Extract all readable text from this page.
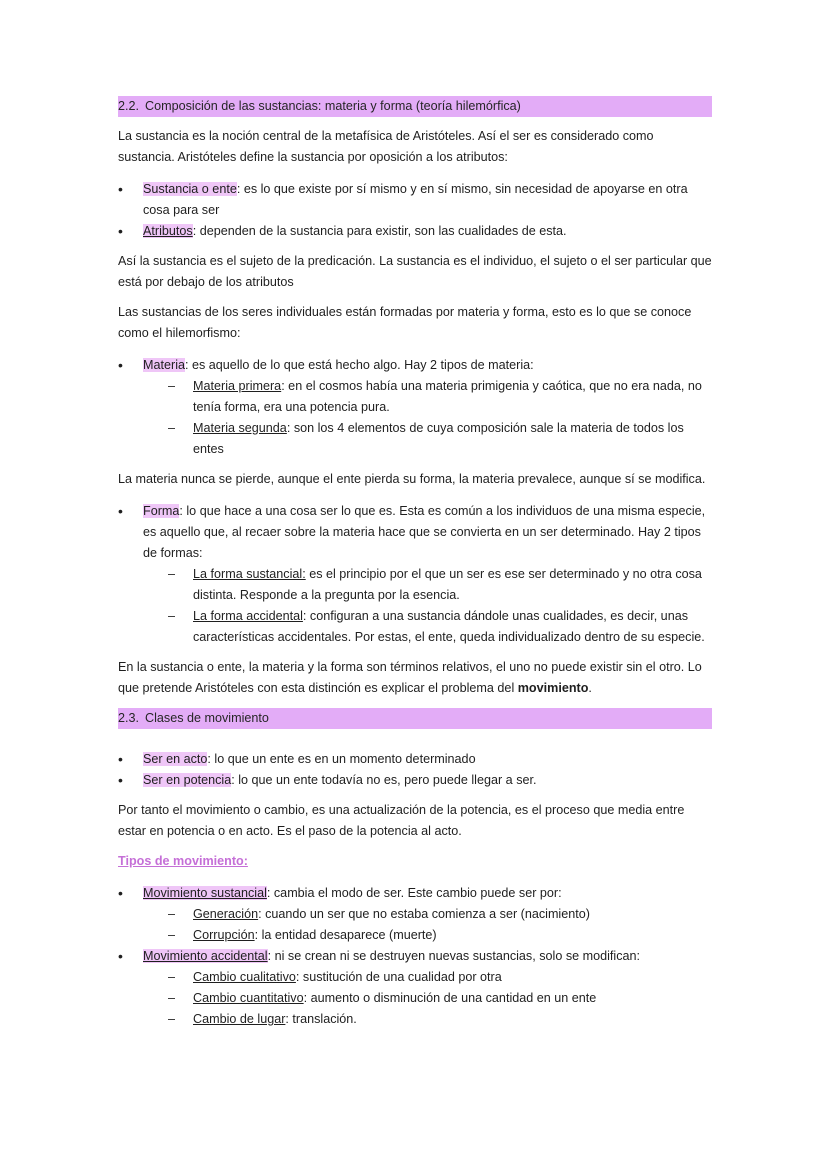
2.2. Composición de las sustancias: materia y forma (teoría hilemórfica)

La sustancia es la noción central de la metafísica de Aristóteles. Así el ser es considerado como sustancia. Aristóteles define la sustancia por oposición a los atributos:

• Sustancia o ente: es lo que existe por sí mismo y en sí mismo, sin necesidad de apoyarse en otra cosa para ser
• Atributos: dependen de la sustancia para existir, son las cualidades de esta.

Así la sustancia es el sujeto de la predicación. La sustancia es el individuo, el sujeto o el ser particular que está por debajo de los atributos

Las sustancias de los seres individuales están formadas por materia y forma, esto es lo que se conoce como el hilemorfismo:

• Materia: es aquello de lo que está hecho algo. Hay 2 tipos de materia:
– Materia primera: en el cosmos había una materia primigenia y caótica, que no era nada, no tenía forma, era una potencia pura.
– Materia segunda: son los 4 elementos de cuya composición sale la materia de todos los entes

La materia nunca se pierde, aunque el ente pierda su forma, la materia prevalece, aunque sí se modifica.

• Forma: lo que hace a una cosa ser lo que es. Esta es común a los individuos de una misma especie, es aquello que, al recaer sobre la materia hace que se convierta en un ser determinado. Hay 2 tipos de formas:
– La forma sustancial: es el principio por el que un ser es ese ser determinado y no otra cosa distinta. Responde a la pregunta por la esencia.
– La forma accidental: configuran a una sustancia dándole unas cualidades, es decir, unas características accidentales. Por estas, el ente, queda individualizado dentro de su especie.

En la sustancia o ente, la materia y la forma son términos relativos, el uno no puede existir sin el otro. Lo que pretende Aristóteles con esta distinción es explicar el problema del movimiento.

2.3. Clases de movimiento
• Ser en acto: lo que un ente es en un momento determinado
• Ser en potencia: lo que un ente todavía no es, pero puede llegar a ser.

Por tanto el movimiento o cambio, es una actualización de la potencia, es el proceso que media entre estar en potencia o en acto. Es el paso de la potencia al acto.

Tipos de movimiento:

• Movimiento sustancial: cambia el modo de ser. Este cambio puede ser por:
– Generación: cuando un ser que no estaba comienza a ser (nacimiento)
– Corrupción: la entidad desaparece (muerte)
• Movimiento accidental: ni se crean ni se destruyen nuevas sustancias, solo se modifican:
– Cambio cualitativo: sustitución de una cualidad por otra
– Cambio cuantitativo: aumento o disminución de una cantidad en un ente
– Cambio de lugar: translación.
